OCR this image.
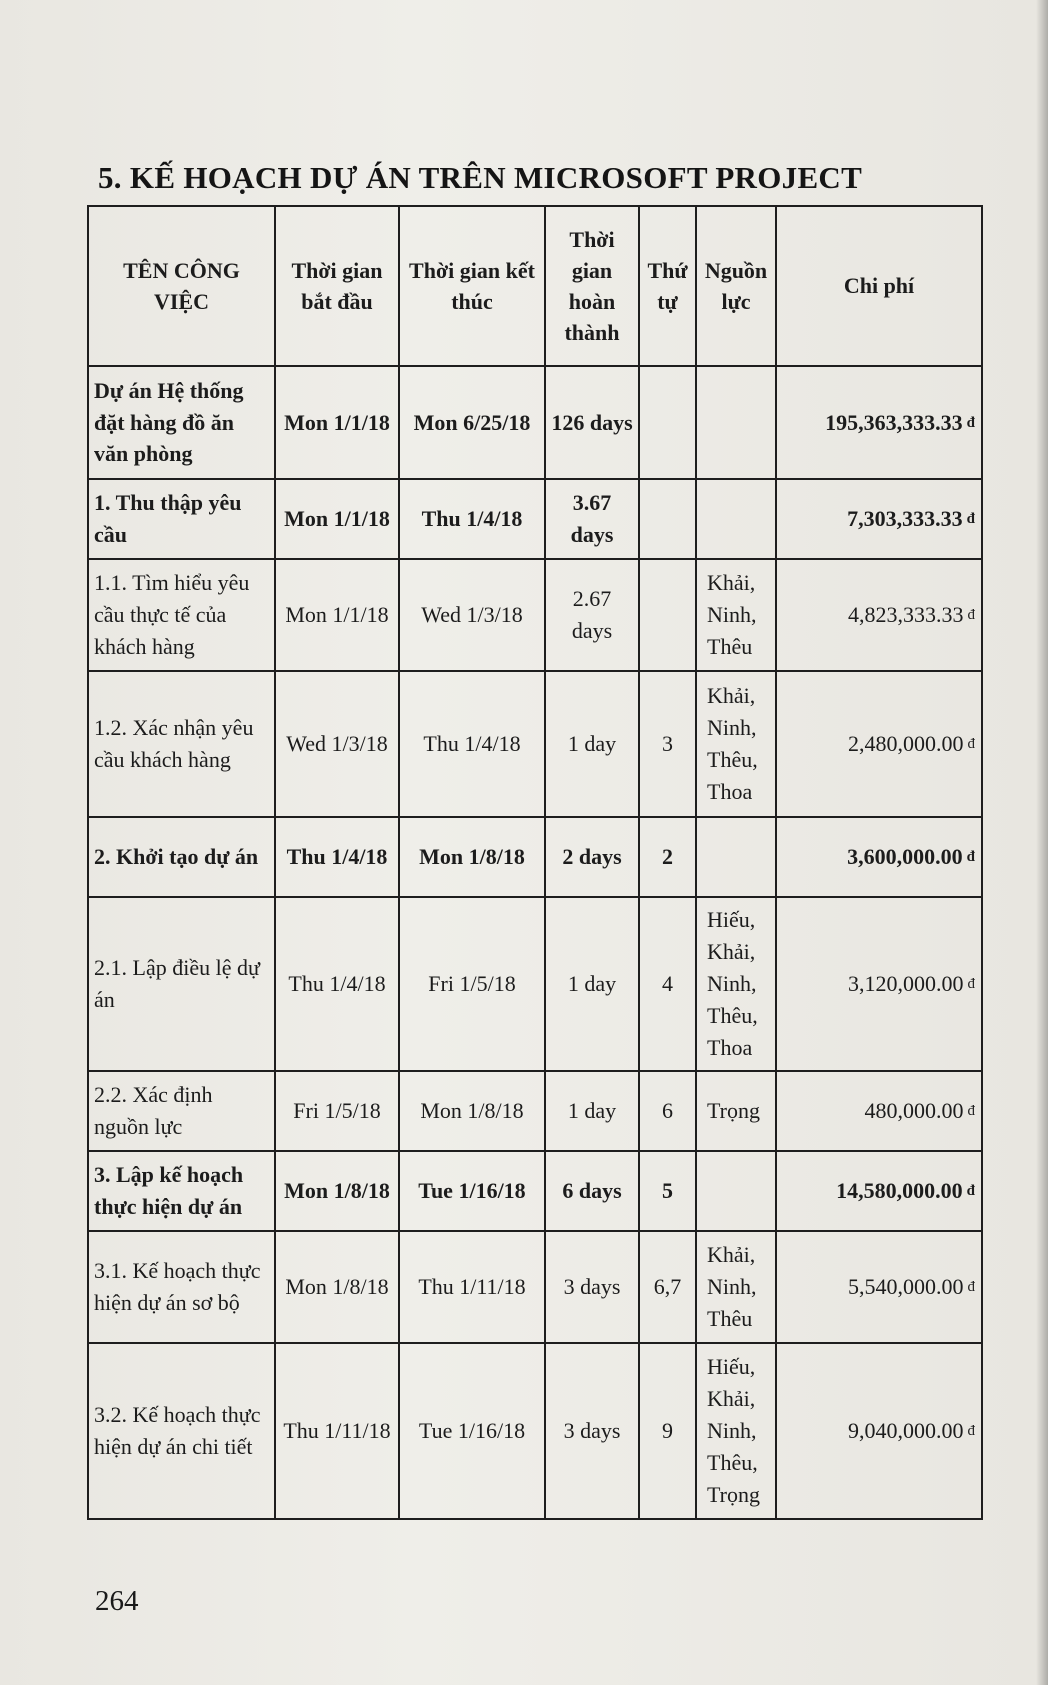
5. KẾ HOẠCH DỰ ÁN TRÊN MICROSOFT PROJECT
TÊN CÔNG VIỆC	Thời gian bắt đầu	Thời gian kết thúc	Thời gian hoàn thành	Thứ tự	Nguồn lực	Chi phí
Dự án Hệ thống đặt hàng đồ ăn văn phòng	Mon 1/1/18	Mon 6/25/18	126 days			195,363,333.33 đ
1. Thu thập yêu cầu	Mon 1/1/18	Thu 1/4/18	3.67 days			7,303,333.33 đ
1.1. Tìm hiểu yêu cầu thực tế của khách hàng	Mon 1/1/18	Wed 1/3/18	2.67 days		Khải, Ninh, Thêu	4,823,333.33 đ
1.2. Xác nhận yêu cầu khách hàng	Wed 1/3/18	Thu 1/4/18	1 day	3	Khải, Ninh, Thêu, Thoa	2,480,000.00 đ
2. Khởi tạo dự án	Thu 1/4/18	Mon 1/8/18	2 days	2		3,600,000.00 đ
2.1. Lập điều lệ dự án	Thu 1/4/18	Fri 1/5/18	1 day	4	Hiếu, Khải, Ninh, Thêu, Thoa	3,120,000.00 đ
2.2. Xác định nguồn lực	Fri 1/5/18	Mon 1/8/18	1 day	6	Trọng	480,000.00 đ
3. Lập kế hoạch thực hiện dự án	Mon 1/8/18	Tue 1/16/18	6 days	5		14,580,000.00 đ
3.1. Kế hoạch thực hiện dự án sơ bộ	Mon 1/8/18	Thu 1/11/18	3 days	6,7	Khải, Ninh, Thêu	5,540,000.00 đ
3.2. Kế hoạch thực hiện dự án chi tiết	Thu 1/11/18	Tue 1/16/18	3 days	9	Hiếu, Khải, Ninh, Thêu, Trọng	9,040,000.00 đ
264
